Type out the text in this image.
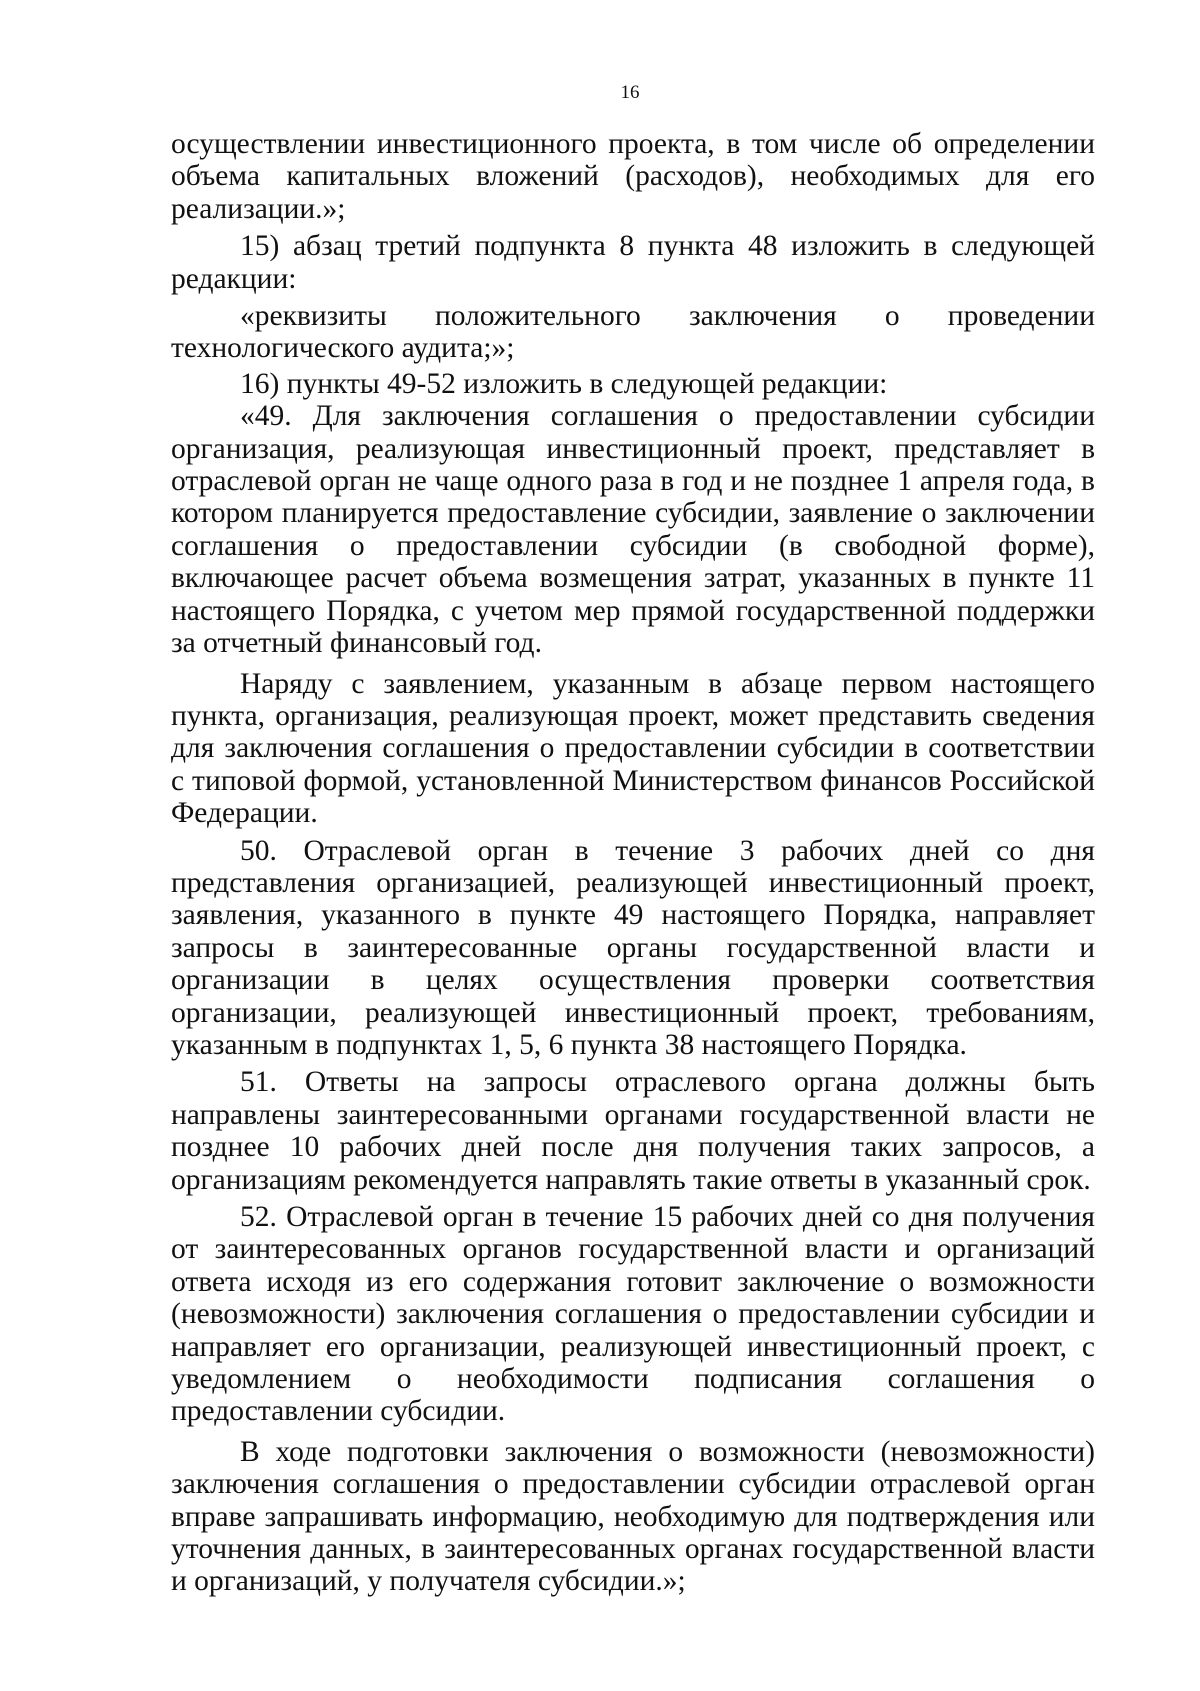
16

осуществлении инвестиционного проекта, в том числе об определении объема капитальных вложений (расходов), необходимых для его реализации.»;

15) абзац третий подпункта 8 пункта 48 изложить в следующей редакции:

«реквизиты положительного заключения о проведении технологического аудита;»;

16) пункты 49-52 изложить в следующей редакции:

«49. Для заключения соглашения о предоставлении субсидии организация, реализующая инвестиционный проект, представляет в отраслевой орган не чаще одного раза в год и не позднее 1 апреля года, в котором планируется предоставление субсидии, заявление о заключении соглашения о предоставлении субсидии (в свободной форме), включающее расчет объема возмещения затрат, указанных в пункте 11 настоящего Порядка, с учетом мер прямой государственной поддержки за отчетный финансовый год.

Наряду с заявлением, указанным в абзаце первом настоящего пункта, организация, реализующая проект, может представить сведения для заключения соглашения о предоставлении субсидии в соответствии с типовой формой, установленной Министерством финансов Российской Федерации.

50. Отраслевой орган в течение 3 рабочих дней со дня представления организацией, реализующей инвестиционный проект, заявления, указанного в пункте 49 настоящего Порядка, направляет запросы в заинтересованные органы государственной власти и организации в целях осуществления проверки соответствия организации, реализующей инвестиционный проект, требованиям, указанным в подпунктах 1, 5, 6 пункта 38 настоящего Порядка.

51. Ответы на запросы отраслевого органа должны быть направлены заинтересованными органами государственной власти не позднее 10 рабочих дней после дня получения таких запросов, а организациям рекомендуется направлять такие ответы в указанный срок.

52. Отраслевой орган в течение 15 рабочих дней со дня получения от заинтересованных органов государственной власти и организаций ответа исходя из его содержания готовит заключение о возможности (невозможности) заключения соглашения о предоставлении субсидии и направляет его организации, реализующей инвестиционный проект, с уведомлением о необходимости подписания соглашения о предоставлении субсидии.

В ходе подготовки заключения о возможности (невозможности) заключения соглашения о предоставлении субсидии отраслевой орган вправе запрашивать информацию, необходимую для подтверждения или уточнения данных, в заинтересованных органах государственной власти и организаций, у получателя субсидии.»;
